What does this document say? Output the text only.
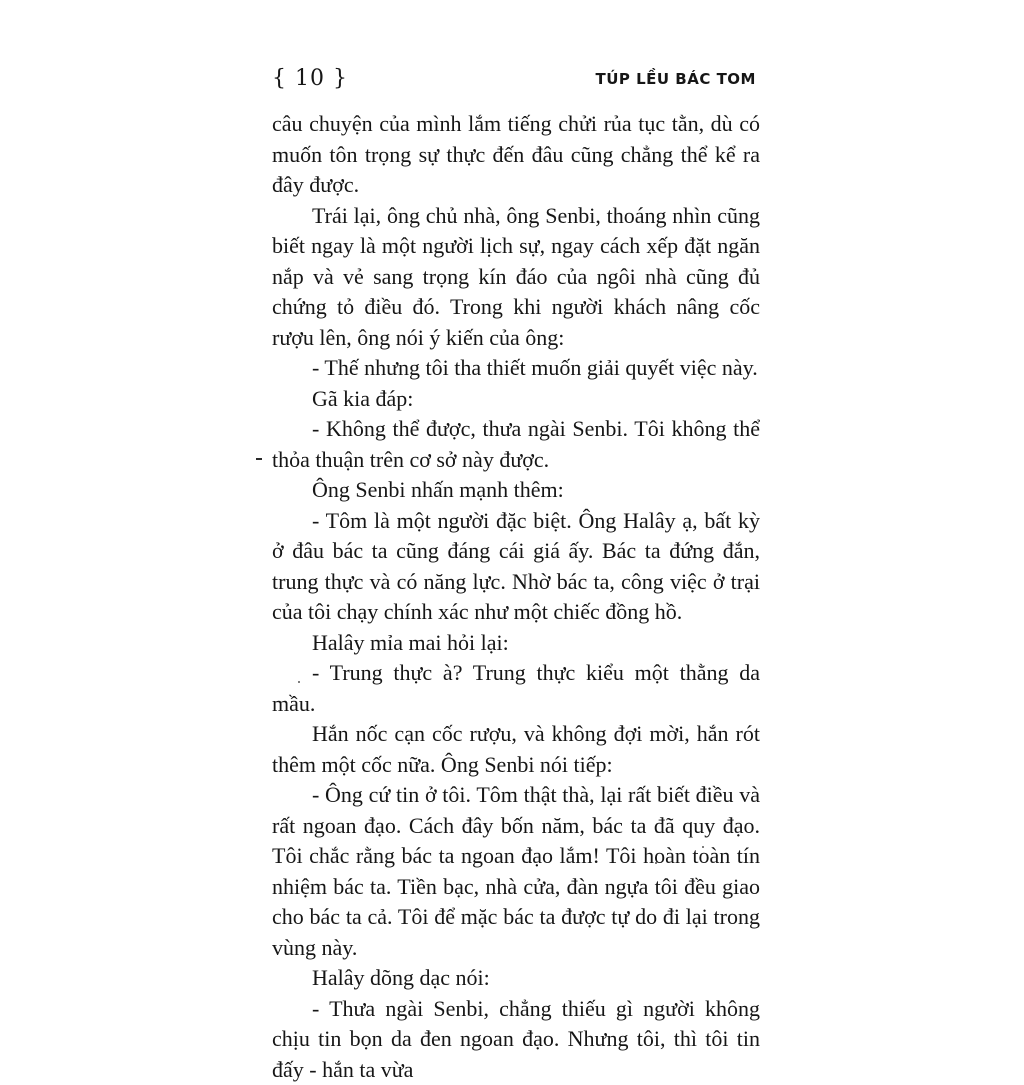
{ 10 }	TÚP LỀU BÁC TOM

câu chuyện của mình lắm tiếng chửi rủa tục tằn, dù có muốn tôn trọng sự thực đến đâu cũng chẳng thể kể ra đây được.

Trái lại, ông chủ nhà, ông Senbi, thoáng nhìn cũng biết ngay là một người lịch sự, ngay cách xếp đặt ngăn nắp và vẻ sang trọng kín đáo của ngôi nhà cũng đủ chứng tỏ điều đó. Trong khi người khách nâng cốc rượu lên, ông nói ý kiến của ông:

- Thế nhưng tôi tha thiết muốn giải quyết việc này.

Gã kia đáp:

- Không thể được, thưa ngài Senbi. Tôi không thể thỏa thuận trên cơ sở này được.

Ông Senbi nhấn mạnh thêm:

- Tôm là một người đặc biệt. Ông Halây ạ, bất kỳ ở đâu bác ta cũng đáng cái giá ấy. Bác ta đứng đắn, trung thực và có năng lực. Nhờ bác ta, công việc ở trại của tôi chạy chính xác như một chiếc đồng hồ.

Halây mỉa mai hỏi lại:

- Trung thực à? Trung thực kiểu một thằng da mầu.

Hắn nốc cạn cốc rượu, và không đợi mời, hắn rót thêm một cốc nữa. Ông Senbi nói tiếp:

- Ông cứ tin ở tôi. Tôm thật thà, lại rất biết điều và rất ngoan đạo. Cách đây bốn năm, bác ta đã quy đạo. Tôi chắc rằng bác ta ngoan đạo lắm! Tôi hoàn toàn tín nhiệm bác ta. Tiền bạc, nhà cửa, đàn ngựa tôi đều giao cho bác ta cả. Tôi để mặc bác ta được tự do đi lại trong vùng này.

Halây dõng dạc nói:

- Thưa ngài Senbi, chẳng thiếu gì người không chịu tin bọn da đen ngoan đạo. Nhưng tôi, thì tôi tin đấy - hắn ta vừa
